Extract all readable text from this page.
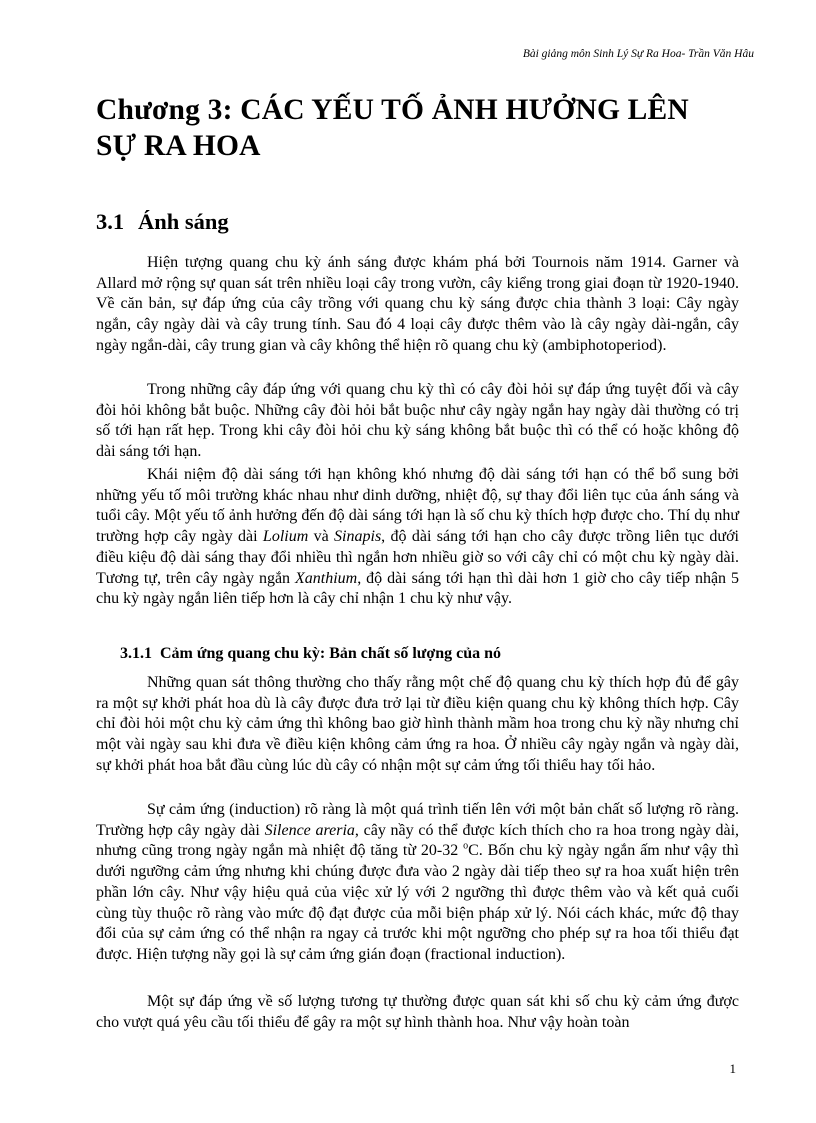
Bài giảng môn Sinh Lý Sự Ra Hoa- Trần Văn Hâu
Chương 3: CÁC YẾU TỐ ẢNH HƯỞNG LÊN SỰ RA HOA
3.1 Ánh sáng

Hiện tượng quang chu kỳ ánh sáng được khám phá bởi Tournois năm 1914. Garner và Allard mở rộng sự quan sát trên nhiều loại cây trong vườn, cây kiểng trong giai đoạn từ 1920-1940. Về căn bản, sự đáp ứng của cây trồng với quang chu kỳ sáng được chia thành 3 loại: Cây ngày ngắn, cây ngày dài và cây trung tính. Sau đó 4 loại cây được thêm vào là cây ngày dài-ngắn, cây ngày ngắn-dài, cây trung gian và cây không thể hiện rõ quang chu kỳ (ambiphotoperiod).

Trong những cây đáp ứng với quang chu kỳ thì có cây đòi hỏi sự đáp ứng tuyệt đối và cây đòi hỏi không bắt buộc. Những cây đòi hỏi bắt buộc như cây ngày ngắn hay ngày dài thường có trị số tới hạn rất hẹp. Trong khi cây đòi hỏi chu kỳ sáng không bắt buộc thì có thể có hoặc không độ dài sáng tới hạn.

Khái niệm độ dài sáng tới hạn không khó nhưng độ dài sáng tới hạn có thể bổ sung bởi những yếu tố môi trường khác nhau như dinh dưỡng, nhiệt độ, sự thay đổi liên tục của ánh sáng và tuổi cây. Một yếu tố ảnh hưởng đến độ dài sáng tới hạn là số chu kỳ thích hợp được cho. Thí dụ như trường hợp cây ngày dài Lolium và Sinapis, độ dài sáng tới hạn cho cây được trồng liên tục dưới điều kiệu độ dài sáng thay đổi nhiều thì ngắn hơn nhiều giờ so với cây chỉ có một chu kỳ ngày dài. Tương tự, trên cây ngày ngắn Xanthium, độ dài sáng tới hạn thì dài hơn 1 giờ cho cây tiếp nhận 5 chu kỳ ngày ngắn liên tiếp hơn là cây chỉ nhận 1 chu kỳ như vậy.

3.1.1 Cảm ứng quang chu kỳ: Bản chất số lượng của nó

Những quan sát thông thường cho thấy rằng một chế độ quang chu kỳ thích hợp đủ để gây ra một sự khởi phát hoa dù là cây được đưa trở lại từ điều kiện quang chu kỳ không thích hợp. Cây chỉ đòi hỏi một chu kỳ cảm ứng thì không bao giờ hình thành mầm hoa trong chu kỳ nầy nhưng chỉ một vài ngày sau khi đưa về điều kiện không cảm ứng ra hoa. Ở nhiều cây ngày ngắn và ngày dài, sự khởi phát hoa bắt đầu cùng lúc dù cây có nhận một sự cảm ứng tối thiểu hay tối hảo.

Sự cảm ứng (induction) rõ ràng là một quá trình tiến lên với một bản chất số lượng rõ ràng. Trường hợp cây ngày dài Silence areria, cây nầy có thể được kích thích cho ra hoa trong ngày dài, nhưng cũng trong ngày ngắn mà nhiệt độ tăng từ 20-32 $^o$C. Bốn chu kỳ ngày ngắn ấm như vậy thì dưới ngưỡng cảm ứng nhưng khi chúng được đưa vào 2 ngày dài tiếp theo sự ra hoa xuất hiện trên phần lớn cây. Như vậy hiệu quả của việc xử lý với 2 ngưỡng thì được thêm vào và kết quả cuối cùng tùy thuộc rõ ràng vào mức độ đạt được của mỗi biện pháp xử lý. Nói cách khác, mức độ thay đổi của sự cảm ứng có thể nhận ra ngay cả trước khi một ngưỡng cho phép sự ra hoa tối thiểu đạt được. Hiện tượng nầy gọi là sự cảm ứng gián đoạn (fractional induction).

Một sự đáp ứng về số lượng tương tự thường được quan sát khi số chu kỳ cảm ứng được cho vượt quá yêu cầu tối thiểu để gây ra một sự hình thành hoa. Như vậy hoàn toàn

1
